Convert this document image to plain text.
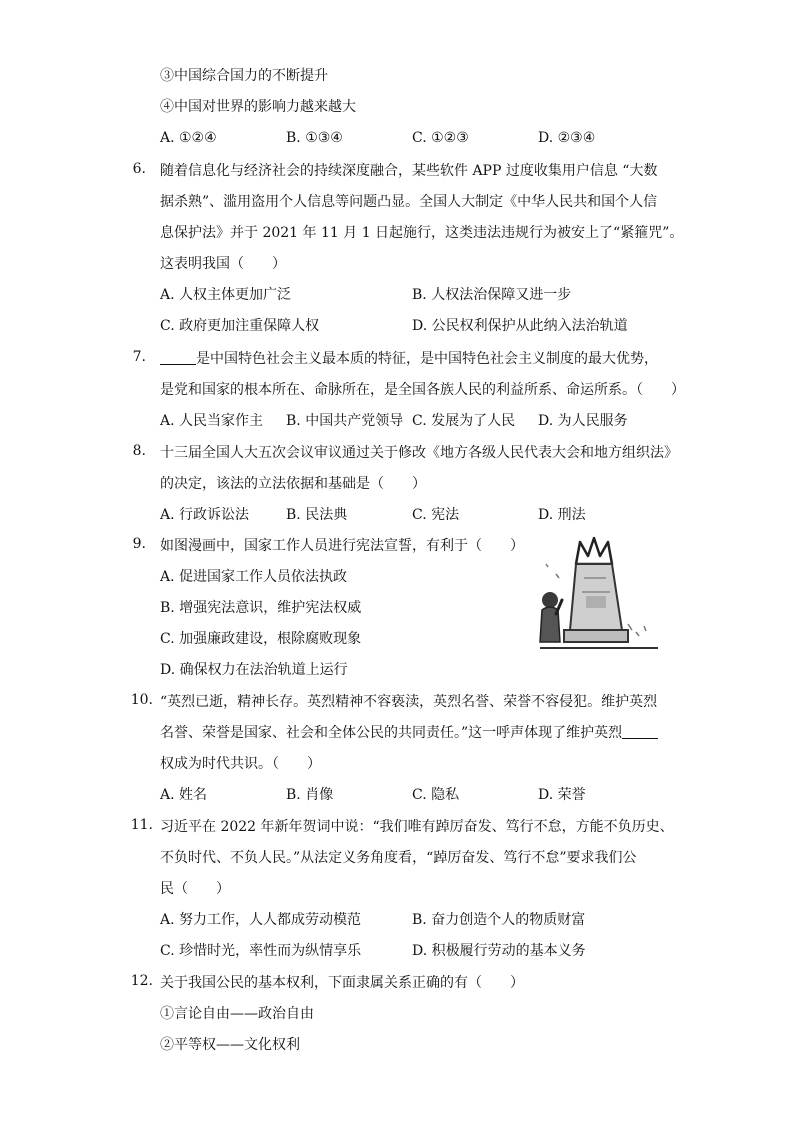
③中国综合国力的不断提升
④中国对世界的影响力越来越大
A. ①②④	B. ①③④	C. ①②③	D. ②③④
6. 随着信息化与经济社会的持续深度融合，某些软件 APP 过度收集用户信息 “大数
据杀熟”、滥用盗用个人信息等问题凸显。全国人大制定《中华人民共和国个人信
息保护法》并于 2021 年 11 月 1 日起施行，这类违法违规行为被安上了“紧箍咒”。
这表明我国（　　）
A. 人权主体更加广泛	B. 人权法治保障又进一步
C. 政府更加注重保障人权	D. 公民权利保护从此纳入法治轨道
7.	是中国特色社会主义最本质的特征，是中国特色社会主义制度的最大优势，
是党和国家的根本所在、命脉所在，是全国各族人民的利益所系、命运所系。（　　）
A. 人民当家作主 B. 中国共产党领导 C. 发展为了人民 D. 为人民服务
8. 十三届全国人大五次会议审议通过关于修改《地方各级人民代表大会和地方组织法》
的决定，该法的立法依据和基础是（　　）
A. 行政诉讼法	B. 民法典	C. 宪法	D. 刑法
9. 如图漫画中，国家工作人员进行宪法宣誓，有利于（　　）
A. 促进国家工作人员依法执政
B. 增强宪法意识，维护宪法权威
C. 加强廉政建设，根除腐败现象
D. 确保权力在法治轨道上运行
10. “英烈已逝，精神长存。英烈精神不容亵渎，英烈名誉、荣誉不容侵犯。维护英烈
名誉、荣誉是国家、社会和全体公民的共同责任。”这一呼声体现了维护英烈
权成为时代共识。（　　）
A. 姓名	B. 肖像	C. 隐私	D. 荣誉
11. 习近平在 2022 年新年贺词中说：“我们唯有踔厉奋发、笃行不怠，方能不负历史、
不负时代、不负人民。”从法定义务角度看，“踔厉奋发、笃行不怠”要求我们公
民（　　）
A. 努力工作，人人都成劳动模范	B. 奋力创造个人的物质财富
C. 珍惜时光，率性而为纵情享乐	D. 积极履行劳动的基本义务
12. 关于我国公民的基本权利，下面隶属关系正确的有（　　）
①言论自由——政治自由
②平等权——文化权利
